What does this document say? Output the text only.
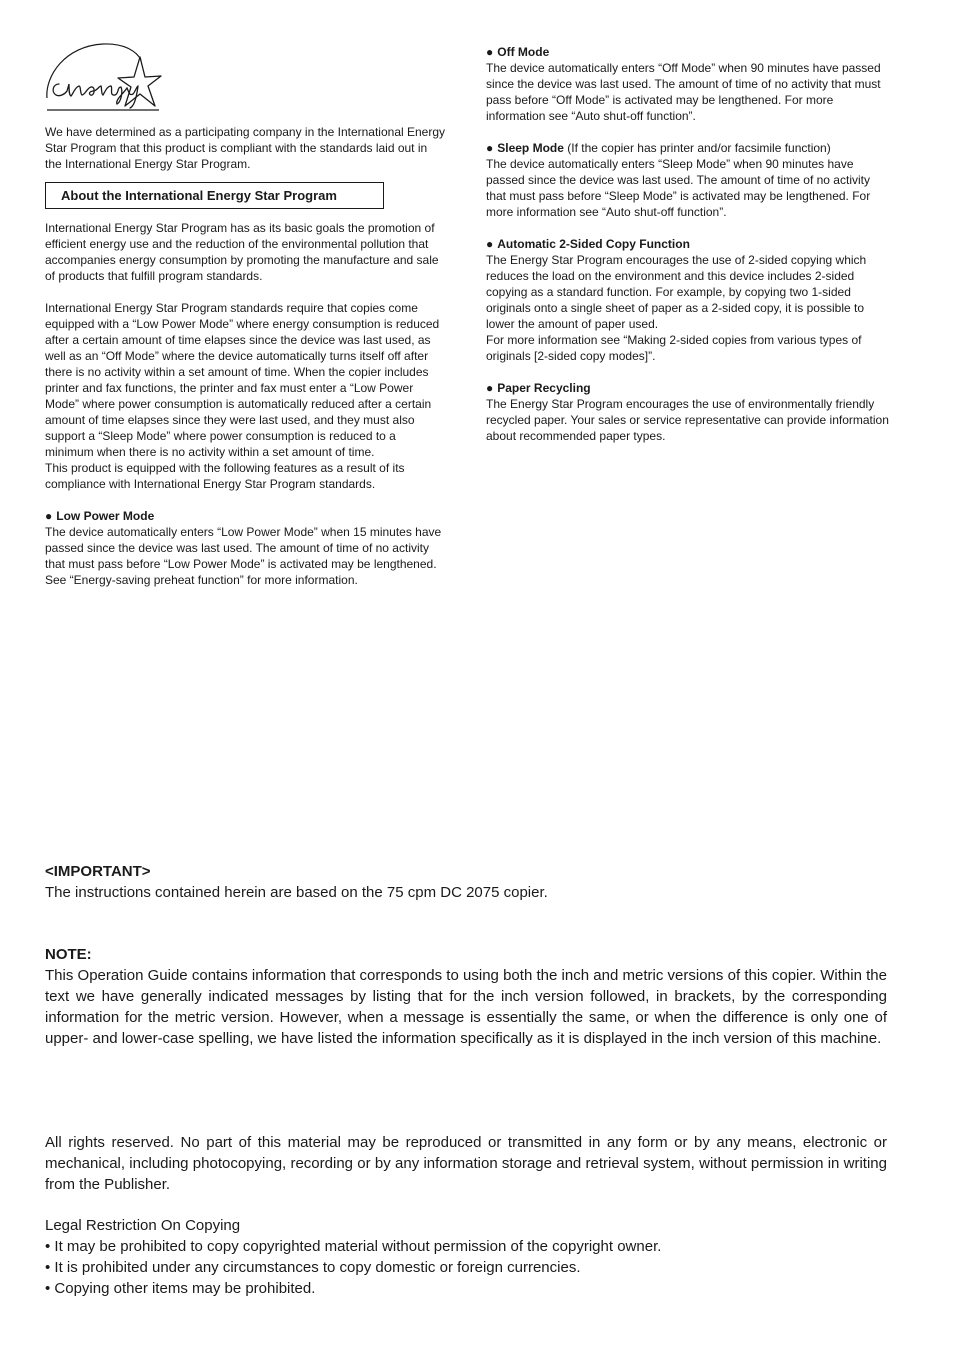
We have determined as a participating company in the International Energy Star Program that this product is compliant with the standards laid out in the International Energy Star Program.

About the International Energy Star Program

International Energy Star Program has as its basic goals the promotion of efficient energy use and the reduction of the environmental pollution that accompanies energy consumption by promoting the manufacture and sale of products that fulfill program standards.

International Energy Star Program standards require that copies come equipped with a “Low Power Mode” where energy consumption is reduced after a certain amount of time elapses since the device was last used, as well as an “Off Mode” where the device automatically turns itself off after there is no activity within a set amount of time. When the copier includes printer and fax functions, the printer and fax must enter a “Low Power Mode” where power consumption is automatically reduced after a certain amount of time elapses since they were last used, and they must also support a “Sleep Mode” where power consumption is reduced to a minimum when there is no activity within a set amount of time.

This product is equipped with the following features as a result of its compliance with International Energy Star Program standards.

● Low Power Mode

The device automatically enters “Low Power Mode” when 15 minutes have passed since the device was last used. The amount of time of no activity that must pass before “Low Power Mode” is activated may be lengthened. See “Energy-saving preheat function” for more information.

● Off Mode

The device automatically enters “Off Mode” when 90 minutes have passed since the device was last used. The amount of time of no activity that must pass before “Off Mode” is activated may be lengthened. For more information see “Auto shut-off function”.

● Sleep Mode (If the copier has printer and/or facsimile function)

The device automatically enters “Sleep Mode” when 90 minutes have passed since the device was last used. The amount of time of no activity that must pass before “Sleep Mode” is activated may be lengthened. For more information see “Auto shut-off function”.

● Automatic 2-Sided Copy Function

The Energy Star Program encourages the use of 2-sided copying which reduces the load on the environment and this device includes 2-sided copying as a standard function. For example, by copying two 1-sided originals onto a single sheet of paper as a 2-sided copy, it is possible to lower the amount of paper used.
For more information see “Making 2-sided copies from various types of originals [2-sided copy modes]”.

● Paper Recycling

The Energy Star Program encourages the use of environmentally friendly recycled paper. Your sales or service representative can provide information about recommended paper types.

<IMPORTANT>
The instructions contained herein are based on the 75 cpm DC 2075 copier.
NOTE:
This Operation Guide contains information that corresponds to using both the inch and metric versions of this copier. Within the text we have generally indicated messages by listing that for the inch version followed, in brackets, by the corresponding information for the metric version. However, when a message is essentially the same, or when the difference is only one of upper- and lower-case spelling, we have listed the information specifically as it is displayed in the inch version of this machine.
All rights reserved. No part of this material may be reproduced or transmitted in any form or by any means, electronic or mechanical, including photocopying, recording or by any information storage and retrieval system, without permission in writing from the Publisher.
Legal Restriction On Copying
• It may be prohibited to copy copyrighted material without permission of the copyright owner.
• It is prohibited under any circumstances to copy domestic or foreign currencies.
• Copying other items may be prohibited.
